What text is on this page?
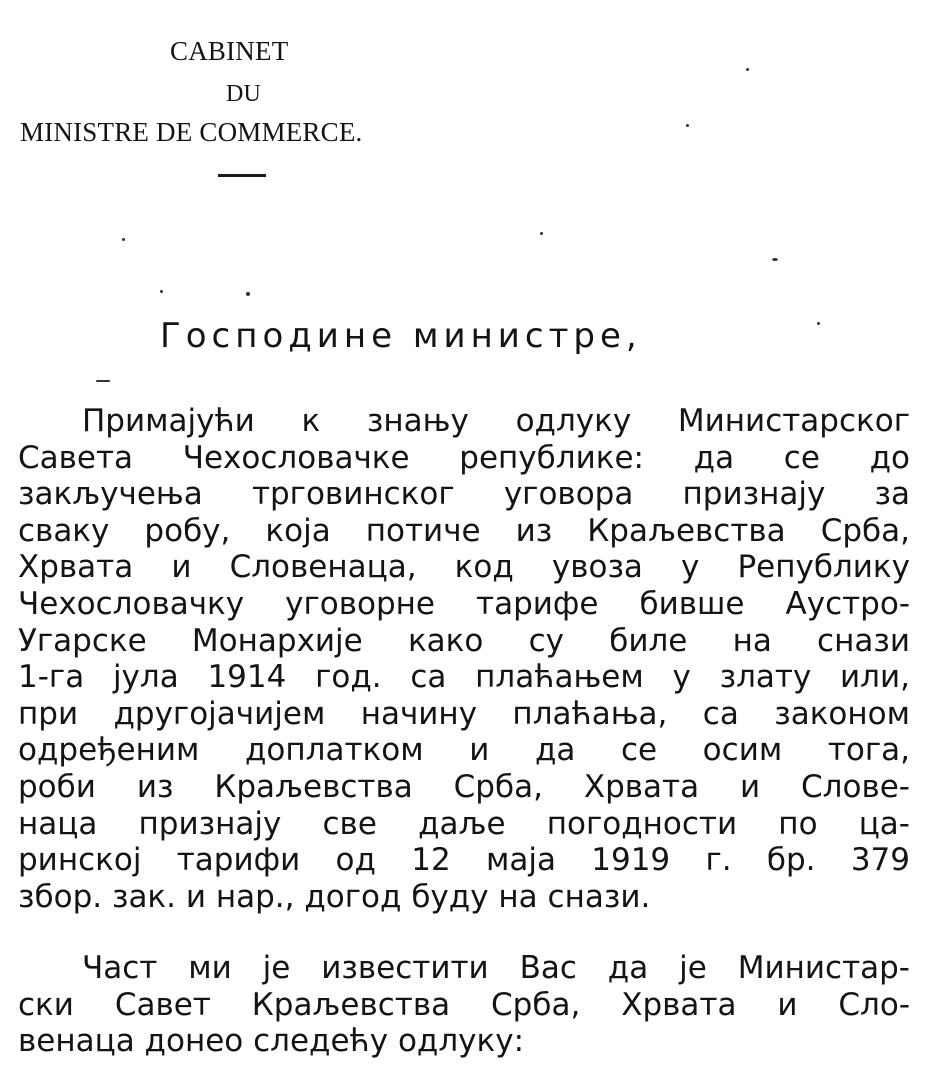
CABINET
DU
MINISTRE DE COMMERCE.
Господине министре,
Примајући к знању одлуку Министарског
Савета Чехословачке републике: да се до
закључења трговинског уговора признају за
сваку робу, која потиче из Краљевства Срба,
Хрвата и Словенаца, код увоза у Републику
Чехословачку уговорне тарифе бивше Аустро-
Угарске Монархије како су биле на снази
1-га јула 1914 год. са плаћањем у злату или,
при другојачијем начину плаћања, са законом
одређеним доплатком и да се осим тога,
роби из Краљевства Срба, Хрвата и Слове-
наца признају све даље погодности по ца-
ринској тарифи од 12 маја 1919 г. бр. 379
збор. зак. и нар., догод буду на снази.
Част ми је известити Вас да је Министар-
ски Савет Краљевства Срба, Хрвата и Сло-
венаца донео следећу одлуку:
